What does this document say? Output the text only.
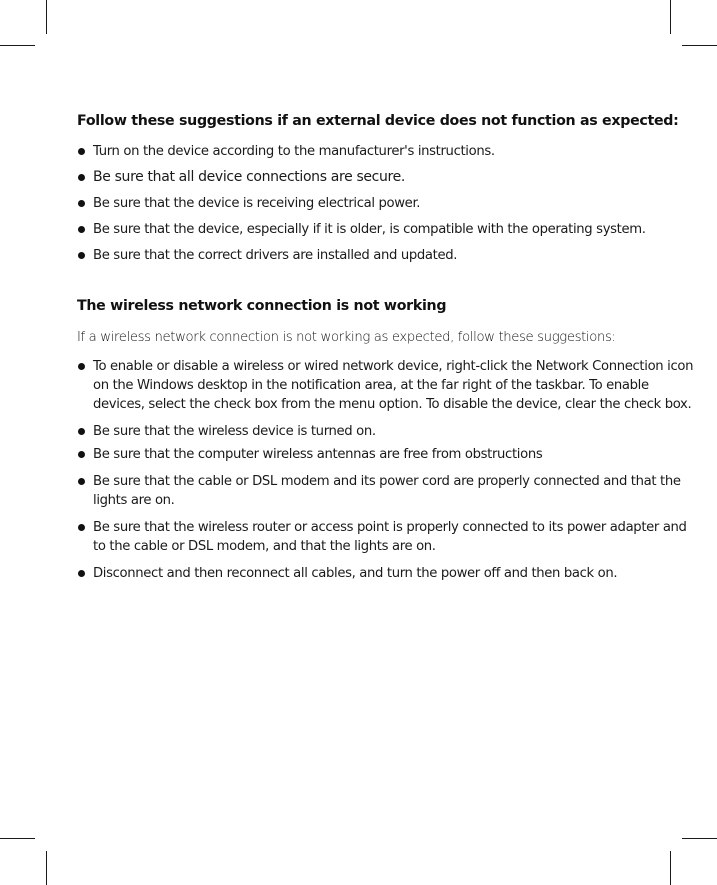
Follow these suggestions if an external device does not function as expected:
Turn on the device according to the manufacturer's instructions.
Be sure that all device connections are secure.
Be sure that the device is receiving electrical power.
Be sure that the device, especially if it is older, is compatible with the operating system.
Be sure that the correct drivers are installed and updated.
The wireless network connection is not working

If a wireless network connection is not working as expected, follow these suggestions:

To enable or disable a wireless or wired network device, right-click the Network Connection icon on the Windows desktop in the notification area, at the far right of the taskbar. To enable devices, select the check box from the menu option. To disable the device, clear the check box.
Be sure that the wireless device is turned on.
Be sure that the computer wireless antennas are free from obstructions
Be sure that the cable or DSL modem and its power cord are properly connected and that the lights are on.
Be sure that the wireless router or access point is properly connected to its power adapter and to the cable or DSL modem, and that the lights are on.
Disconnect and then reconnect all cables, and turn the power off and then back on.
